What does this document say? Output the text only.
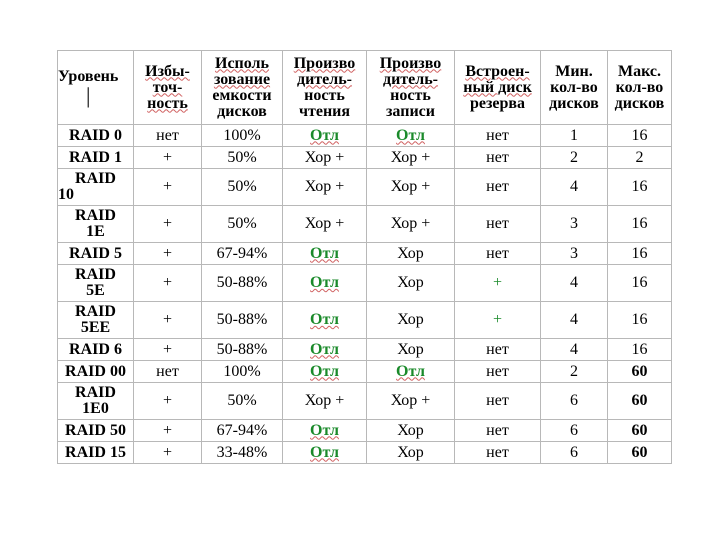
Уровень
|	Избы-
точ-
ность	Исполь
зование
емкости
дисков	Произво
дитель-
ность
чтения	Произво
дитель-
ность
записи	Встроен-
ный диск
резерва	Мин.
кол-во
дисков	Макс.
кол-во
дисков

RAID 0	нет	100%	Отл	Отл	нет	1	16

RAID 1	+	50%	Хор +	Хор +	нет	2	2

RAID
10	+	50%	Хор +	Хор +	нет	4	16

RAID
1E	+	50%	Хор +	Хор +	нет	3	16

RAID 5	+	67-94%	Отл	Хор	нет	3	16

RAID
5E	+	50-88%	Отл	Хор	+	4	16

RAID
5EE	+	50-88%	Отл	Хор	+	4	16

RAID 6	+	50-88%	Отл	Хор	нет	4	16

RAID 00	нет	100%	Отл	Отл	нет	2	60

RAID
1E0	+	50%	Хор +	Хор +	нет	6	60

RAID 50	+	67-94%	Отл	Хор	нет	6	60

RAID 15	+	33-48%	Отл	Хор	нет	6	60
